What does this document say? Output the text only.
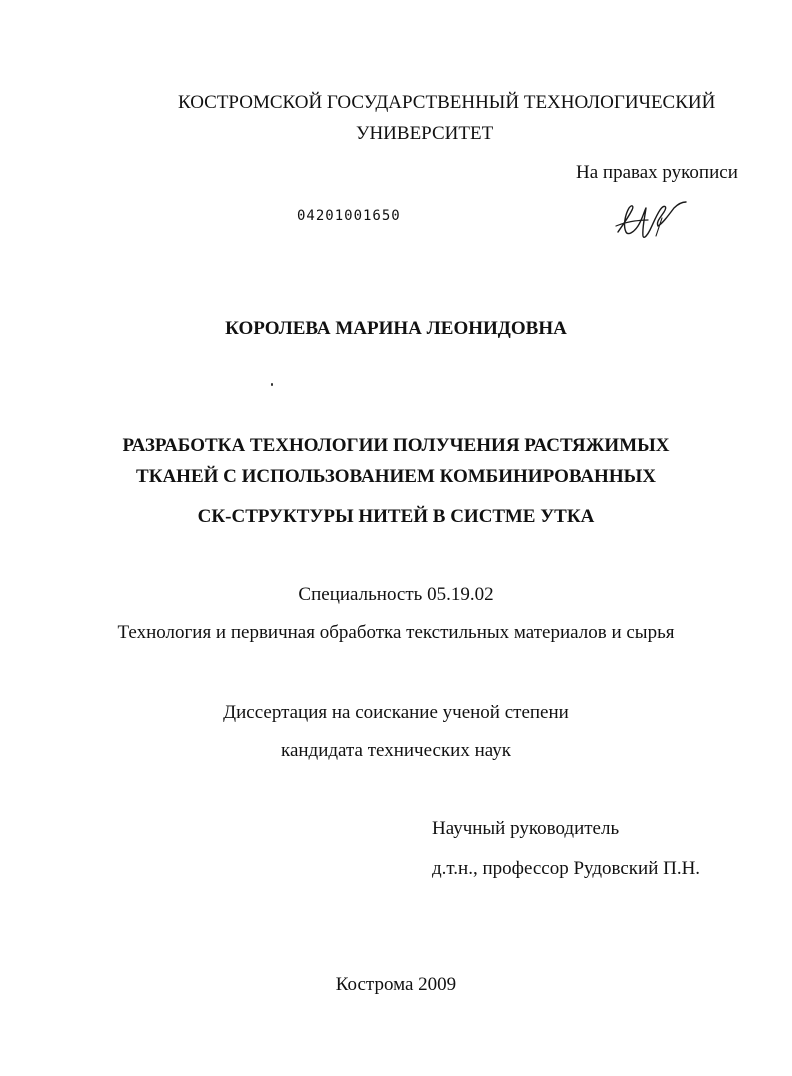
КОСТРОМСКОЙ ГОСУДАРСТВЕННЫЙ ТЕХНОЛОГИЧЕСКИЙ
УНИВЕРСИТЕТ
На правах рукописи
04201001650
КОРОЛЕВА МАРИНА ЛЕОНИДОВНА
РАЗРАБОТКА ТЕХНОЛОГИИ ПОЛУЧЕНИЯ РАСТЯЖИМЫХ
ТКАНЕЙ С ИСПОЛЬЗОВАНИЕМ КОМБИНИРОВАННЫХ
СК-СТРУКТУРЫ НИТЕЙ В СИСТМЕ УТКА
Специальность 05.19.02
Технология и первичная обработка текстильных материалов и сырья
Диссертация на соискание ученой степени
кандидата технических наук
Научный руководитель
д.т.н., профессор Рудовский П.Н.
Кострома 2009
